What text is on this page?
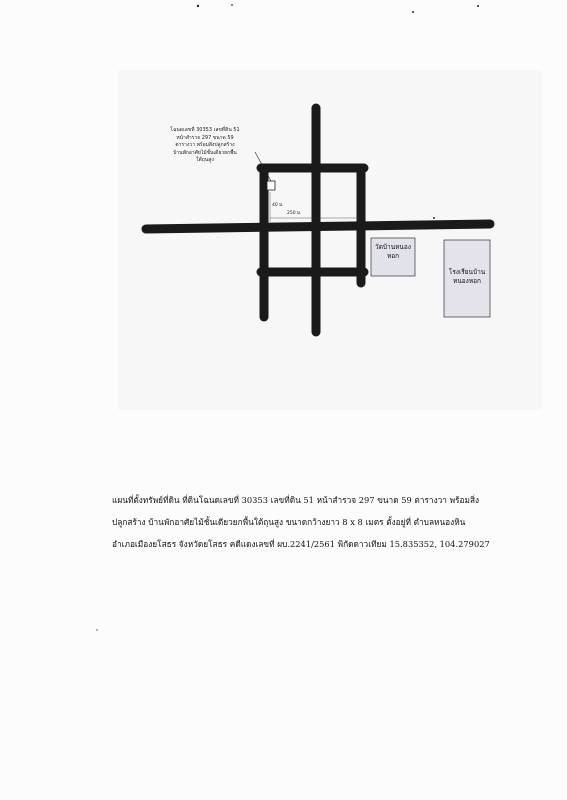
โฉนดเลขที่ 30353 เลขที่ดิน 51
หน้าสำรวจ 297 ขนาด 59
ตารางวา พร้อมสิ่งปลูกสร้าง
บ้านพักอาศัยไม้ชั้นเดียวยกพื้น
ใต้ถุนสูง
40 ม.
250 ม.
วัดบ้านหนอง
หอก
โรงเรียนบ้าน
หนองหอก
แผนที่ตั้งทรัพย์ที่ดิน ที่ดินโฉนดเลขที่ 30353 เลขที่ดิน 51 หน้าสำรวจ 297 ขนาด 59 ตารางวา พร้อมสิ่ง
ปลูกสร้าง บ้านพักอาศัยไม้ชั้นเดียวยกพื้นใต้ถุนสูง ขนาดกว้างยาว 8 x 8 เมตร ตั้งอยู่ที่ ตำบลหนองหิน
อำเภอเมืองยโสธร จังหวัดยโสธร คดีแดงเลขที่ ผบ.2241/2561 พิกัดดาวเทียม 15.835352, 104.279027
